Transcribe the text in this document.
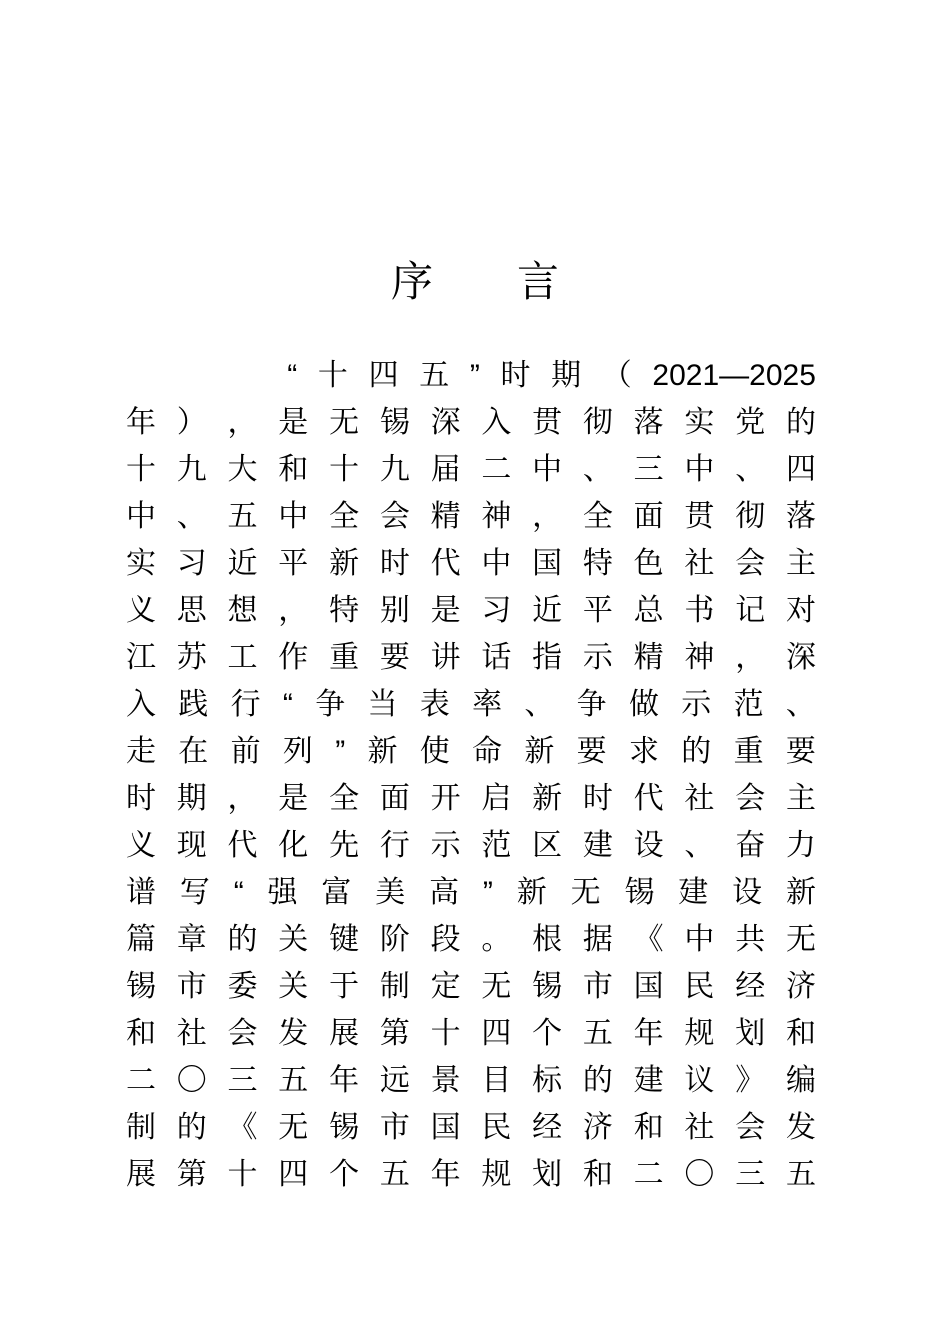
序　　言

“ 十 四 五 ” 时 期 （ 2021—2025
年 ） ， 是 无 锡 深 入 贯 彻 落 实 党 的
十 九 大 和 十 九 届 二 中 、 三 中 、 四
中 、 五 中 全 会 精 神 ， 全 面 贯 彻 落
实 习 近 平 新 时 代 中 国 特 色 社 会 主
义 思 想 ， 特 别 是 习 近 平 总 书 记 对
江 苏 工 作 重 要 讲 话 指 示 精 神 ， 深
入 践 行 “ 争 当 表 率 、 争 做 示 范 、
走 在 前 列 ” 新 使 命 新 要 求 的 重 要
时 期 ， 是 全 面 开 启 新 时 代 社 会 主
义 现 代 化 先 行 示 范 区 建 设 、 奋 力
谱 写 “ 强 富 美 高 ” 新 无 锡 建 设 新
篇 章 的 关 键 阶 段 。 根 据 《 中 共 无
锡 市 委 关 于 制 定 无 锡 市 国 民 经 济
和 社 会 发 展 第 十 四 个 五 年 规 划 和
二 〇 三 五 年 远 景 目 标 的 建 议 》 编
制 的 《 无 锡 市 国 民 经 济 和 社 会 发
展 第 十 四 个 五 年 规 划 和 二 〇 三 五
